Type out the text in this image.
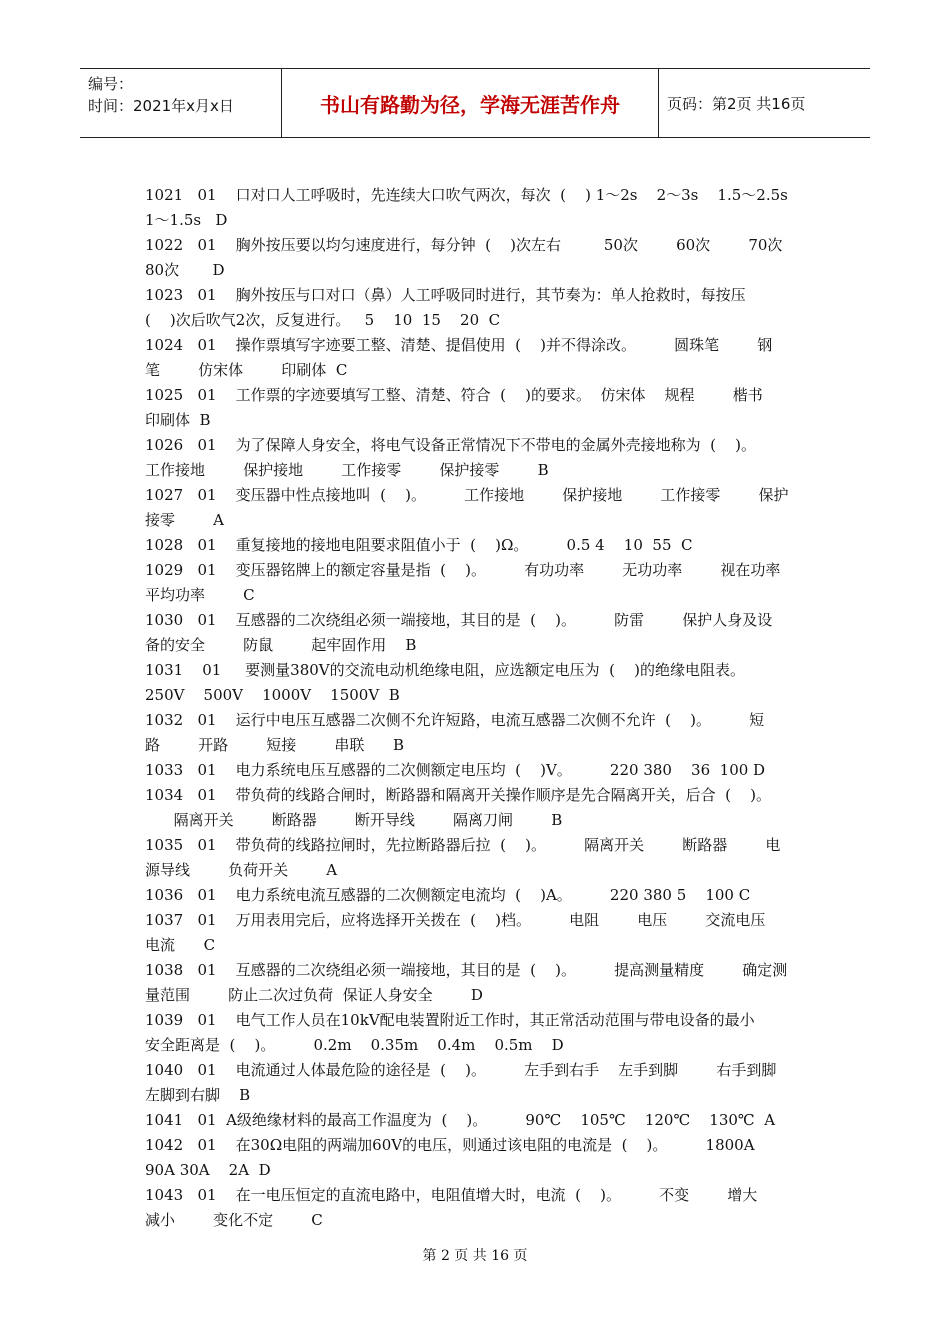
编号：
时间：2021年x月x日	书山有路勤为径，学海无涯苦作舟	页码：第2页 共16页
1021   01    口对口人工呼吸时，先连续大口吹气两次，每次  (    ) 1～2s    2～3s    1.5～2.5s
1～1.5s   D
1022   01    胸外按压要以均匀速度进行，每分钟  (    )次左右         50次        60次        70次
80次       D
1023   01    胸外按压与口对口（鼻）人工呼吸同时进行，其节奏为：单人抢救时，每按压
(    )次后吹气2次，反复进行。   5    10  15    20  C
1024   01    操作票填写字迹要工整、清楚、提倡使用  (    )并不得涂改。        圆珠笔        钢
笔        仿宋体        印刷体  C
1025   01    工作票的字迹要填写工整、清楚、符合  (    )的要求。  仿宋体    规程        楷书
印刷体  B
1026   01    为了保障人身安全，将电气设备正常情况下不带电的金属外壳接地称为  (    )。
工作接地        保护接地        工作接零        保护接零        B
1027   01    变压器中性点接地叫  (    )。        工作接地        保护接地        工作接零        保护
接零        A
1028   01    重复接地的接地电阻要求阻值小于  (    )Ω。        0.5 4    10  55  C
1029   01    变压器铭牌上的额定容量是指  (    )。        有功功率        无功功率        视在功率
平均功率        C
1030   01    互感器的二次绕组必须一端接地，其目的是  (    )。        防雷        保护人身及设
备的安全        防鼠        起牢固作用    B
1031    01     要测量380V的交流电动机绝缘电阻，应选额定电压为  (    )的绝缘电阻表。
250V    500V    1000V    1500V  B
1032   01    运行中电压互感器二次侧不允许短路，电流互感器二次侧不允许  (    )。        短
路        开路        短接        串联      B
1033   01    电力系统电压互感器的二次侧额定电压均  (    )V。        220 380    36  100 D
1034   01    带负荷的线路合闸时，断路器和隔离开关操作顺序是先合隔离开关，后合  (    )。
隔离开关        断路器        断开导线        隔离刀闸        B
1035   01    带负荷的线路拉闸时，先拉断路器后拉  (    )。        隔离开关        断路器        电
源导线        负荷开关        A
1036   01    电力系统电流互感器的二次侧额定电流均  (    )A。        220 380 5    100 C
1037   01    万用表用完后，应将选择开关拨在  (    )档。        电阻        电压        交流电压
电流      C
1038   01    互感器的二次绕组必须一端接地，其目的是  (    )。        提高测量精度        确定测
量范围        防止二次过负荷  保证人身安全        D
1039   01    电气工作人员在10kV配电装置附近工作时，其正常活动范围与带电设备的最小
安全距离是  (    )。        0.2m    0.35m    0.4m    0.5m    D
1040   01    电流通过人体最危险的途径是  (    )。        左手到右手    左手到脚        右手到脚
左脚到右脚    B
1041   01  A级绝缘材料的最高工作温度为  (    )。        90℃    105℃    120℃    130℃  A
1042   01    在30Ω电阻的两端加60V的电压，则通过该电阻的电流是  (    )。        1800A
90A 30A    2A  D
1043   01    在一电压恒定的直流电路中，电阻值增大时，电流  (    )。        不变        增大
减小        变化不定        C
第 2 页 共 16 页
